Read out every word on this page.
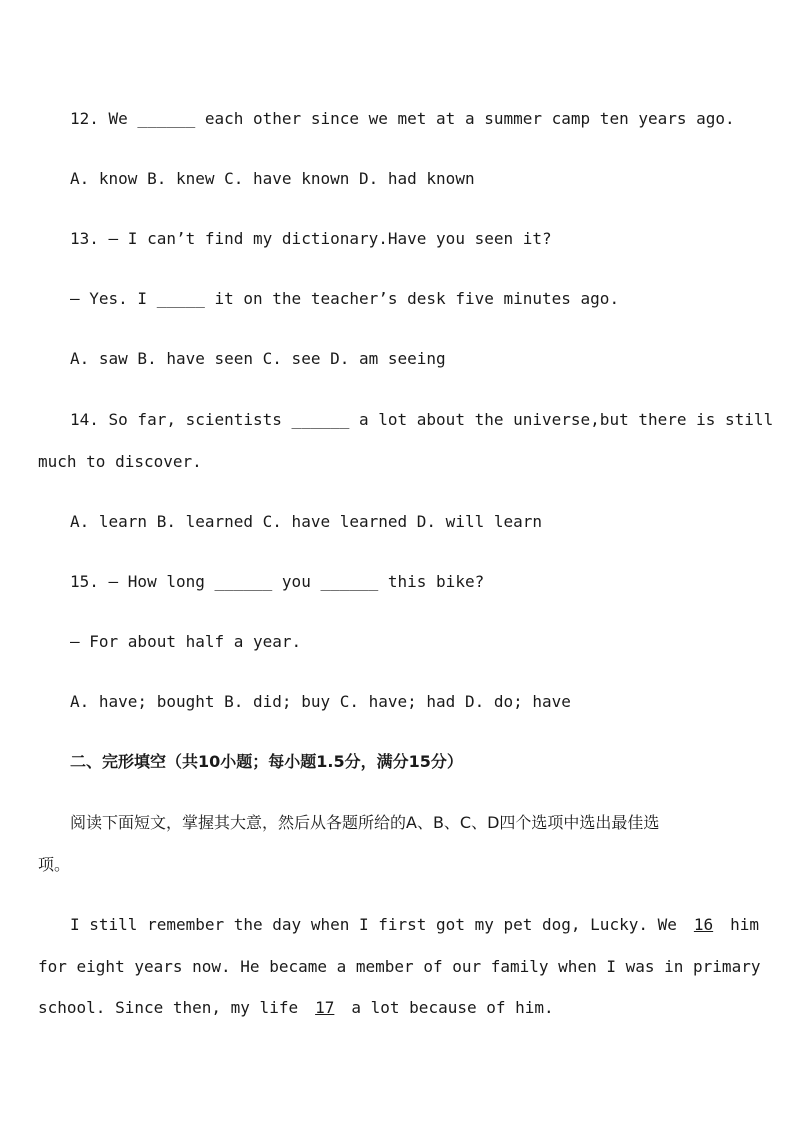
12. We ______ each other since we met at a summer camp ten years ago.
A. know B. knew C. have known D. had known
13. — I can’t find my dictionary.Have you seen it?
— Yes. I _____ it on the teacher’s desk five minutes ago.
A. saw B. have seen C. see D. am seeing
14. So far, scientists ______ a lot about the universe,but there is still
much to discover.
A. learn B. learned C. have learned D. will learn
15. — How long ______ you ______ this bike?
— For about half a year.
A. have; bought B. did; buy C. have; had D. do; have
二、完形填空（共10小题；每小题1.5分，满分15分）
阅读下面短文，掌握其大意，然后从各题所给的A、B、C、D四个选项中选出最佳选
项。
I still remember the day when I first got my pet dog, Lucky. We 16 him
for eight years now. He became a member of our family when I was in primary
school. Since then, my life 17 a lot because of him.
